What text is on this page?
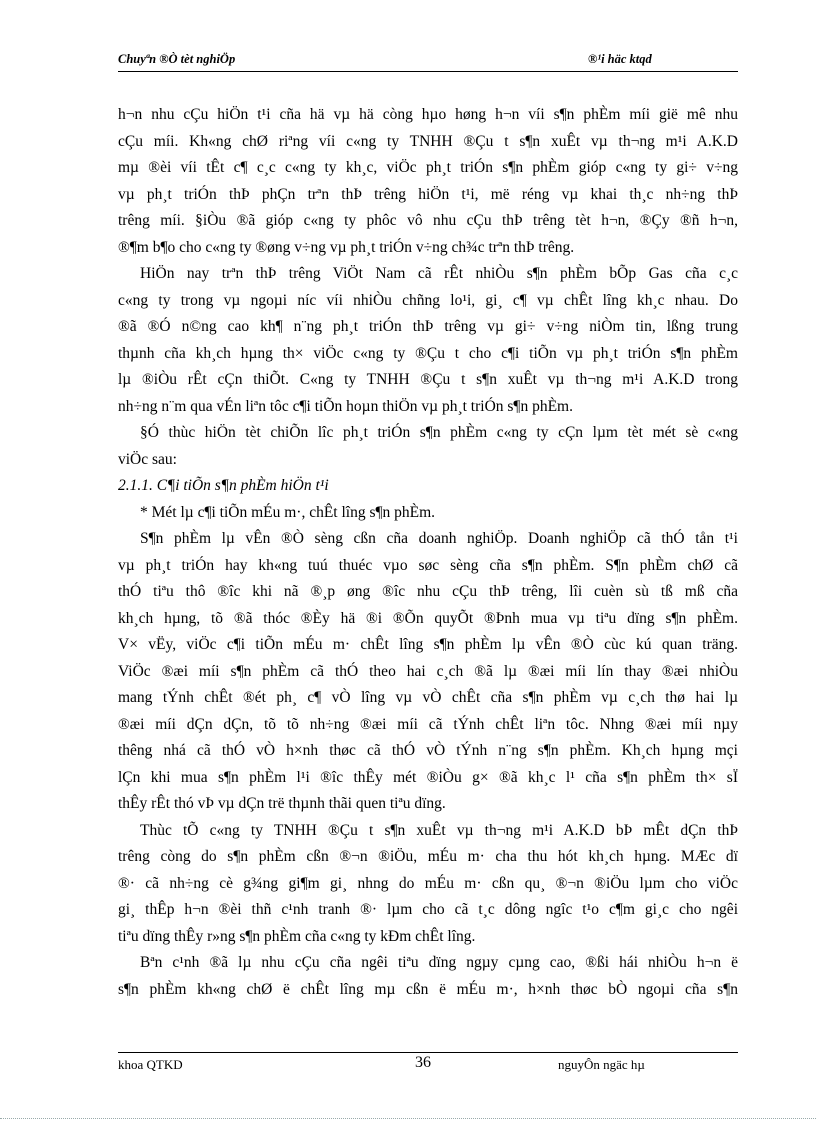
Chuyªn ®Ò tèt nghiÖp	®¹i häc ktqd
h¬n nhu cÇu hiÖn t¹i cña hä vµ hä còng hµo høng h¬n víi s¶n phÈm míi gië mê nhu
cÇu míi. Kh«ng chØ riªng víi c«ng ty TNHH ®Çu t s¶n xuÊt vµ th¬ng m¹i A.K.D
mµ ®èi víi tÊt c¶ c¸c c«ng ty kh¸c, viÖc ph¸t triÓn s¶n phÈm gióp c«ng ty gi÷ v÷ng
vµ ph¸t triÓn thÞ phÇn trªn thÞ trêng hiÖn t¹i, më réng vµ khai th¸c nh÷ng thÞ
trêng míi. §iÒu ®ã gióp c«ng ty phôc vô nhu cÇu thÞ trêng tèt h¬n, ®Çy ®ñ h¬n,
®¶m b¶o cho c«ng ty ®øng v÷ng vµ ph¸t triÓn v÷ng ch¾c trªn thÞ trêng.
HiÖn nay trªn thÞ trêng ViÖt Nam cã rÊt nhiÒu s¶n phÈm bÕp Gas cña c¸c
c«ng ty trong vµ ngoµi níc víi nhiÒu chñng lo¹i, gi¸ c¶ vµ chÊt lîng kh¸c nhau. Do
®ã ®Ó n©ng cao kh¶ n¨ng ph¸t triÓn thÞ trêng vµ gi÷ v÷ng niÒm tin, lßng trung
thµnh cña kh¸ch hµng th× viÖc c«ng ty ®Çu t cho c¶i tiÕn vµ ph¸t triÓn s¶n phÈm
lµ ®iÒu rÊt cÇn thiÕt. C«ng ty TNHH ®Çu t s¶n xuÊt vµ th¬ng m¹i A.K.D trong
nh÷ng n¨m qua vÉn liªn tôc c¶i tiÕn hoµn thiÖn vµ ph¸t triÓn s¶n phÈm.
§Ó thùc hiÖn tèt chiÕn lîc ph¸t triÓn s¶n phÈm c«ng ty cÇn lµm tèt mét sè c«ng
viÖc sau:
2.1.1. C¶i tiÕn s¶n phÈm hiÖn t¹i
* Mét lµ c¶i tiÕn mÉu m·, chÊt lîng s¶n phÈm.
S¶n phÈm lµ vÊn ®Ò sèng cßn cña doanh nghiÖp. Doanh nghiÖp cã thÓ tån t¹i
vµ ph¸t triÓn hay kh«ng tuú thuéc vµo søc sèng cña s¶n phÈm. S¶n phÈm chØ cã
thÓ tiªu thô ®îc khi nã ®¸p øng ®îc nhu cÇu thÞ trêng, lîi cuèn sù tß mß cña
kh¸ch hµng, tõ ®ã thóc ®Èy hä ®i ®Õn quyÕt ®Þnh mua vµ tiªu dïng s¶n phÈm.
V× vËy, viÖc c¶i tiÕn mÉu m· chÊt lîng s¶n phÈm lµ vÊn ®Ò cùc kú quan träng.
ViÖc ®æi míi s¶n phÈm cã thÓ theo hai c¸ch ®ã lµ ®æi míi lín thay ®æi nhiÒu
mang tÝnh chÊt ®ét ph¸ c¶ vÒ lîng vµ vÒ chÊt cña s¶n phÈm vµ c¸ch thø hai lµ
®æi míi dÇn dÇn, tõ tõ nh÷ng ®æi míi cã tÝnh chÊt liªn tôc. Nhng ®æi míi nµy
thêng nhá cã thÓ vÒ h×nh thøc cã thÓ vÒ tÝnh n¨ng s¶n phÈm. Kh¸ch hµng mçi
lÇn khi mua s¶n phÈm l¹i ®îc thÊy mét ®iÒu g× ®ã kh¸c l¹ cña s¶n phÈm th× sÏ
thÊy rÊt thó vÞ vµ dÇn trë thµnh thãi quen tiªu dïng.
Thùc tÕ c«ng ty TNHH ®Çu t s¶n xuÊt vµ th¬ng m¹i A.K.D bÞ mÊt dÇn thÞ
trêng còng do s¶n phÈm cßn ®¬n ®iÖu, mÉu m· cha thu hót kh¸ch hµng. MÆc dï
®· cã nh÷ng cè g¾ng gi¶m gi¸ nhng do mÉu m· cßn qu¸ ®¬n ®iÖu lµm cho viÖc
gi¸ thÊp h¬n ®èi thñ c¹nh tranh ®· lµm cho cã t¸c dông ngîc t¹o c¶m gi¸c cho ngêi
tiªu dïng thÊy r»ng s¶n phÈm cña c«ng ty kÐm chÊt lîng.
Bªn c¹nh ®ã lµ nhu cÇu cña ngêi tiªu dïng ngµy cµng cao, ®ßi hái nhiÒu h¬n ë
s¶n phÈm kh«ng chØ ë chÊt lîng mµ cßn ë mÉu m·, h×nh thøc bÒ ngoµi cña s¶n
khoa QTKD	36	nguyÔn ngäc hµ
